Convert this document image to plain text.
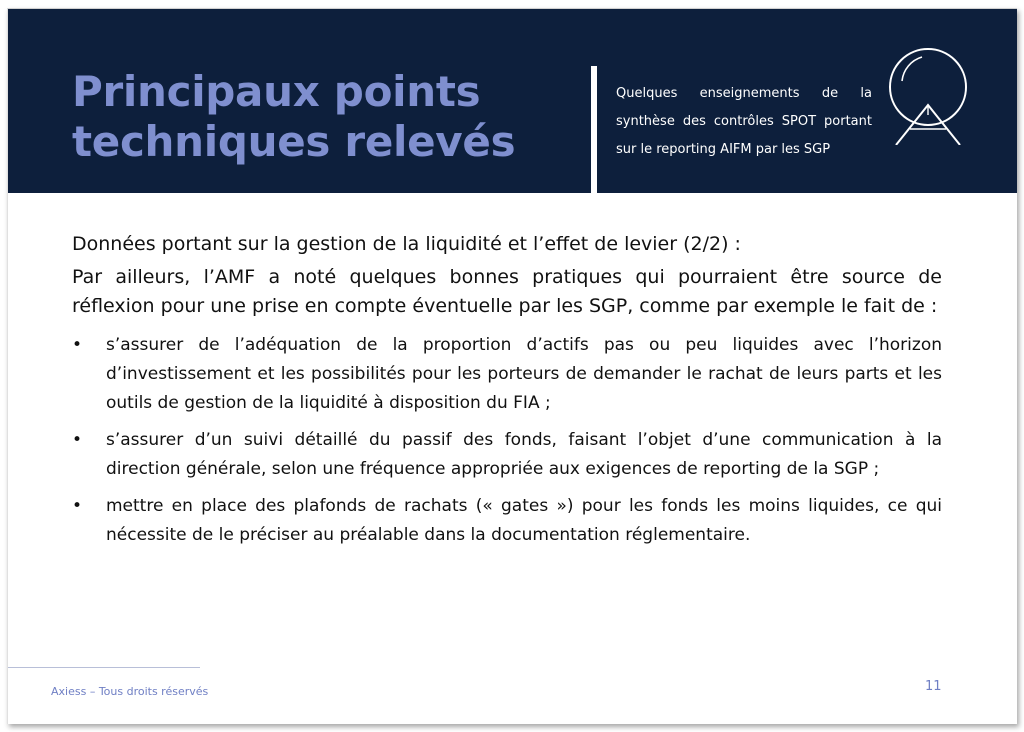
Principaux points
techniques relevés
Quelques enseignements de la synthèse des contrôles SPOT portant sur le reporting AIFM par les SGP

Données portant sur la gestion de la liquidité et l’effet de levier (2/2) :

Par ailleurs, l’AMF a noté quelques bonnes pratiques qui pourraient être source de réflexion pour une prise en compte éventuelle par les SGP, comme par exemple le fait de :

• s’assurer de l’adéquation de la proportion d’actifs pas ou peu liquides avec l’horizon d’investissement et les possibilités pour les porteurs de demander le rachat de leurs parts et les outils de gestion de la liquidité à disposition du FIA ;
• s’assurer d’un suivi détaillé du passif des fonds, faisant l’objet d’une communication à la direction générale, selon une fréquence appropriée aux exigences de reporting de la SGP ;
• mettre en place des plafonds de rachats (« gates ») pour les fonds les moins liquides, ce qui nécessite de le préciser au préalable dans la documentation réglementaire.
Axiess – Tous droits réservés	11
